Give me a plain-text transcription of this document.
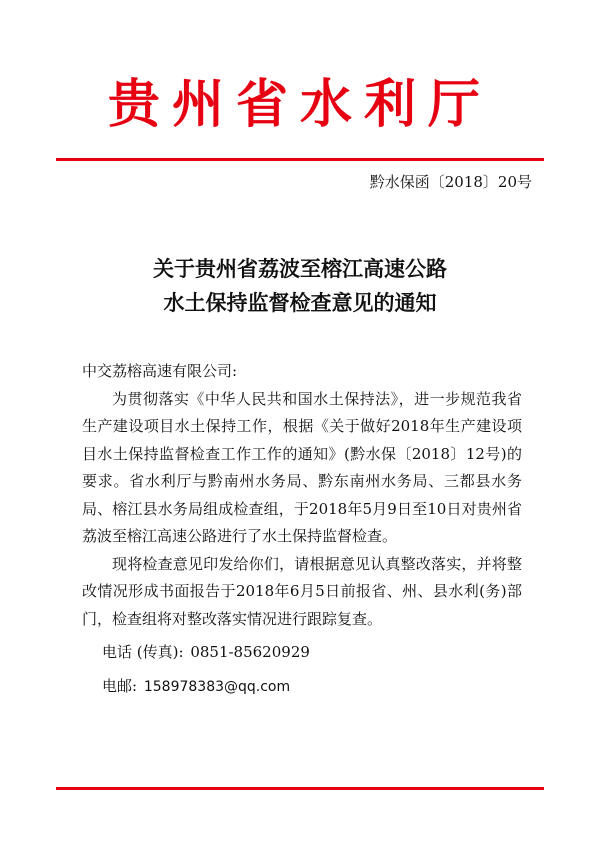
贵州省水利厅
黔水保函〔2018〕20号
关于贵州省荔波至榕江高速公路
水土保持监督检查意见的通知

中交荔榕高速有限公司:

为贯彻落实《中华人民共和国水土保持法》，进一步规范我省生产建设项目水土保持工作，根据《关于做好2018年生产建设项目水土保持监督检查工作工作的通知》(黔水保〔2018〕12号)的要求。省水利厅与黔南州水务局、黔东南州水务局、三都县水务局、榕江县水务局组成检查组，于2018年5月9日至10日对贵州省荔波至榕江高速公路进行了水土保持监督检查。

现将检查意见印发给你们，请根据意见认真整改落实，并将整改情况形成书面报告于2018年6月5日前报省、州、县水利(务)部门，检查组将对整改落实情况进行跟踪复查。

电话 (传真): 0851-85620929

电邮: 158978383@qq.com
